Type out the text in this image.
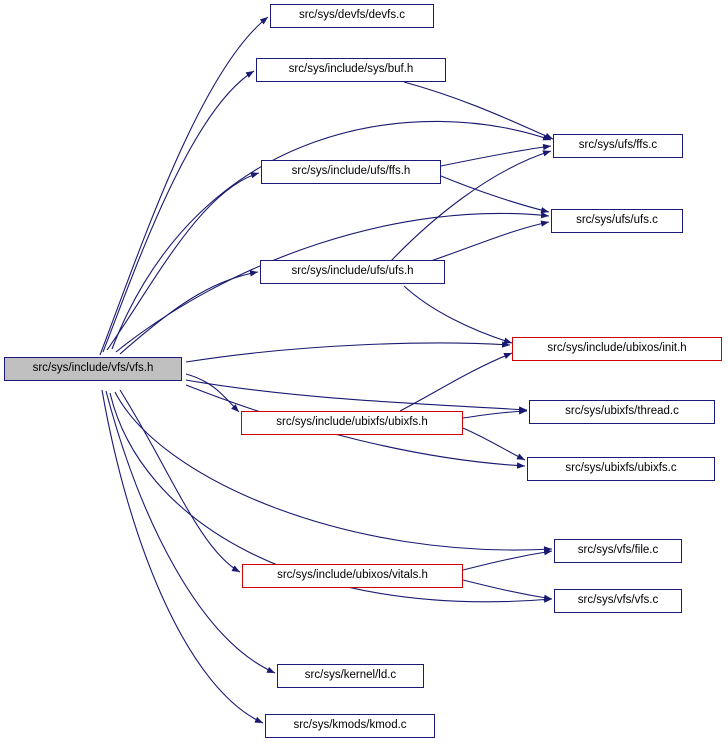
src/sys/include/vfs/vfs.h
src/sys/devfs/devfs.c
src/sys/include/sys/buf.h
src/sys/ufs/ffs.c
src/sys/include/ufs/ffs.h
src/sys/ufs/ufs.c
src/sys/include/ufs/ufs.h
src/sys/include/ubixos/init.h
src/sys/include/ubixfs/ubixfs.h
src/sys/ubixfs/thread.c
src/sys/ubixfs/ubixfs.c
src/sys/vfs/file.c
src/sys/include/ubixos/vitals.h
src/sys/vfs/vfs.c
src/sys/kernel/ld.c
src/sys/kmods/kmod.c
